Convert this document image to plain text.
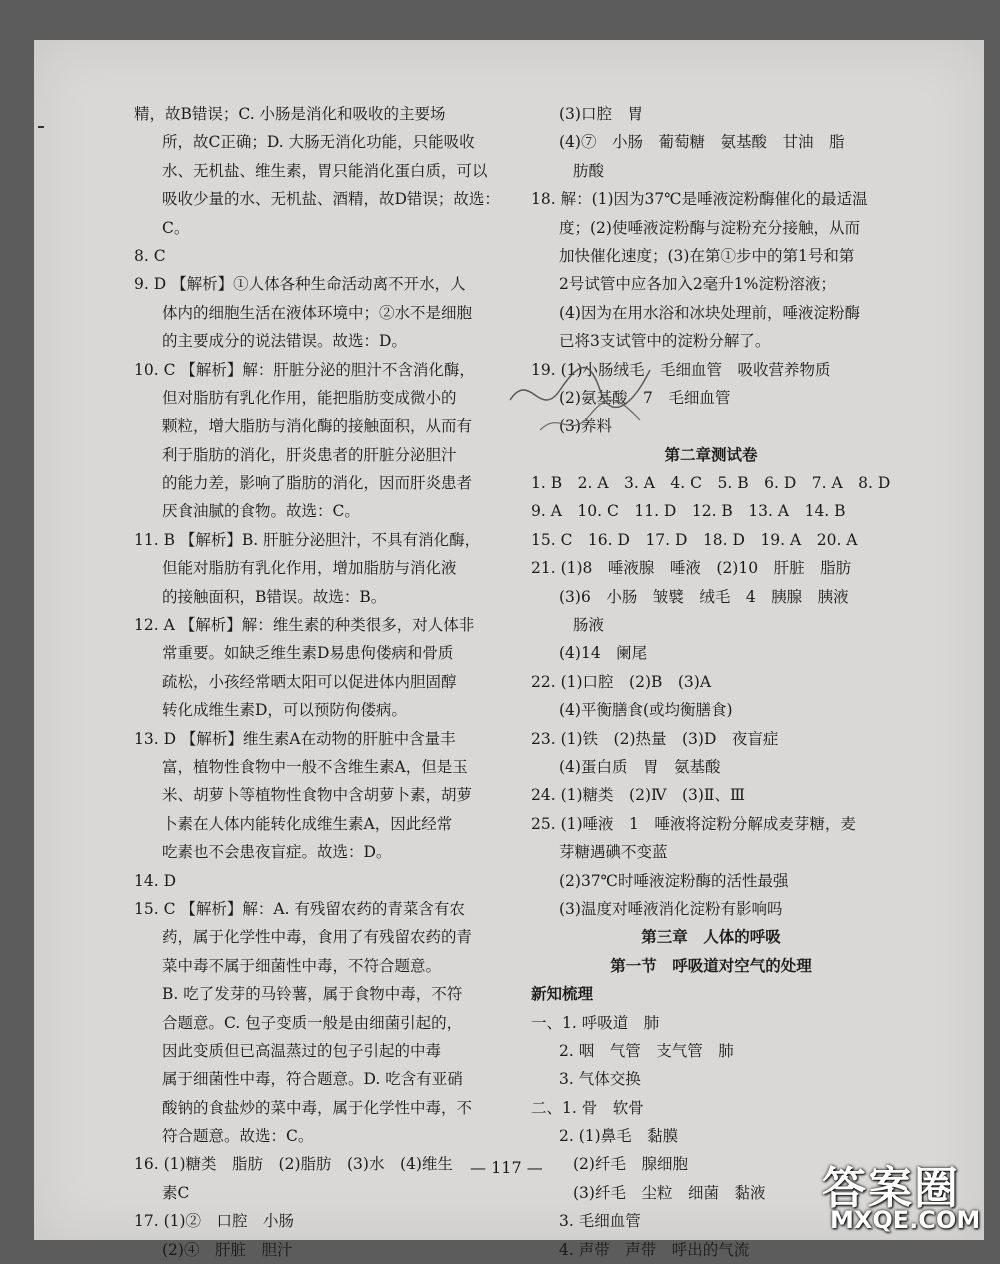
精，故B错误；C. 小肠是消化和吸收的主要场
所，故C正确；D. 大肠无消化功能，只能吸收
水、无机盐、维生素，胃只能消化蛋白质，可以
吸收少量的水、无机盐、酒精，故D错误；故选：
C。
8. C
9. D 【解析】①人体各种生命活动离不开水，人
体内的细胞生活在液体环境中；②水不是细胞
的主要成分的说法错误。故选：D。
10. C 【解析】解：肝脏分泌的胆汁不含消化酶，
但对脂肪有乳化作用，能把脂肪变成微小的
颗粒，增大脂肪与消化酶的接触面积，从而有
利于脂肪的消化，肝炎患者的肝脏分泌胆汁
的能力差，影响了脂肪的消化，因而肝炎患者
厌食油腻的食物。故选：C。
11. B 【解析】B. 肝脏分泌胆汁，不具有消化酶，
但能对脂肪有乳化作用，增加脂肪与消化液
的接触面积，B错误。故选：B。
12. A 【解析】解：维生素的种类很多，对人体非
常重要。如缺乏维生素D易患佝偻病和骨质
疏松，小孩经常晒太阳可以促进体内胆固醇
转化成维生素D，可以预防佝偻病。
13. D 【解析】维生素A在动物的肝脏中含量丰
富，植物性食物中一般不含维生素A，但是玉
米、胡萝卜等植物性食物中含胡萝卜素，胡萝
卜素在人体内能转化成维生素A，因此经常
吃素也不会患夜盲症。故选：D。
14. D
15. C 【解析】解：A. 有残留农药的青菜含有农
药，属于化学性中毒，食用了有残留农药的青
菜中毒不属于细菌性中毒，不符合题意。
B. 吃了发芽的马铃薯，属于食物中毒，不符
合题意。C. 包子变质一般是由细菌引起的，
因此变质但已高温蒸过的包子引起的中毒
属于细菌性中毒，符合题意。D. 吃含有亚硝
酸钠的食盐炒的菜中毒，属于化学性中毒，不
符合题意。故选：C。
16. (1)糖类　脂肪　(2)脂肪　(3)水　(4)维生
素C
17. (1)②　口腔　小肠
(2)④　肝脏　胆汁
(3)口腔　胃
(4)⑦　小肠　葡萄糖　氨基酸　甘油　脂
肪酸
18. 解：(1)因为37℃是唾液淀粉酶催化的最适温
度；(2)使唾液淀粉酶与淀粉充分接触，从而
加快催化速度；(3)在第①步中的第1号和第
2号试管中应各加入2毫升1%淀粉溶液；
(4)因为在用水浴和冰块处理前，唾液淀粉酶
已将3支试管中的淀粉分解了。
19. (1)小肠绒毛　毛细血管　吸收营养物质
(2)氨基酸　7　毛细血管
(3)养料
第二章测试卷
1. B　2. A　3. A　4. C　5. B　6. D　7. A　8. D
9. A　10. C　11. D　12. B　13. A　14. B
15. C　16. D　17. D　18. D　19. A　20. A
21. (1)8　唾液腺　唾液　(2)10　肝脏　脂肪
(3)6　小肠　皱襞　绒毛　4　胰腺　胰液
肠液
(4)14　阑尾
22. (1)口腔　(2)B　(3)A
(4)平衡膳食(或均衡膳食)
23. (1)铁　(2)热量　(3)D　夜盲症
(4)蛋白质　胃　氨基酸
24. (1)糖类　(2)Ⅳ　(3)Ⅱ、Ⅲ
25. (1)唾液　1　唾液将淀粉分解成麦芽糖，麦
芽糖遇碘不变蓝
(2)37℃时唾液淀粉酶的活性最强
(3)温度对唾液消化淀粉有影响吗
第三章　人体的呼吸
第一节　呼吸道对空气的处理
新知梳理
一、1. 呼吸道　肺
2. 咽　气管　支气管　肺
3. 气体交换
二、1. 骨　软骨
2. (1)鼻毛　黏膜
(2)纤毛　腺细胞
(3)纤毛　尘粒　细菌　黏液
3. 毛细血管
4. 声带　声带　呼出的气流
— 117 —	答案圈
MXQE.COM
